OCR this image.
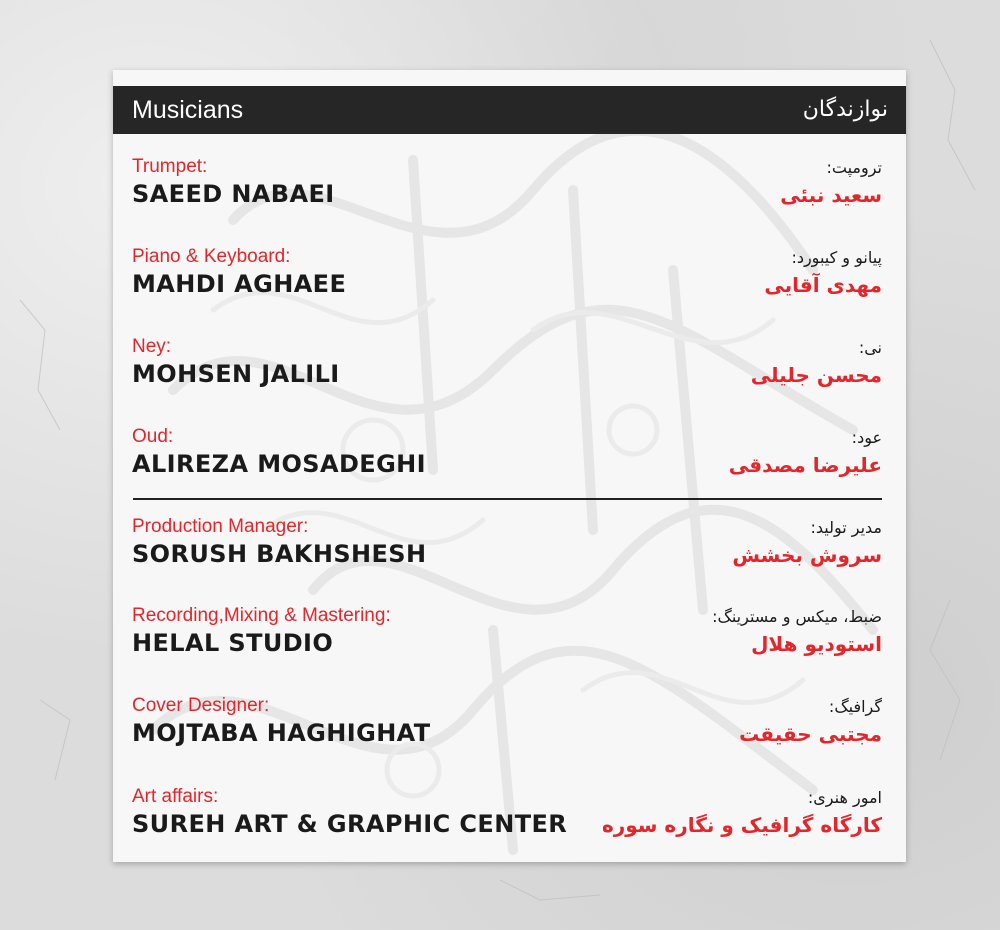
Musicians	نوازندگان
Trumpet:
SAEED NABAEI
ترومپت:
سعید نبئی
Piano & Keyboard:
MAHDI AGHAEE
پیانو و کیبورد:
مهدی آقایی
Ney:
MOHSEN JALILI
نی:
محسن جلیلی
Oud:
ALIREZA MOSADEGHI
عود:
علیرضا مصدقی
Production Manager:
SORUSH BAKHSHESH
مدیر تولید:
سروش بخشش
Recording,Mixing & Mastering:
HELAL STUDIO
ضبط، میکس و مسترینگ:
استودیو هلال
Cover Designer:
MOJTABA HAGHIGHAT
گرافیگ:
مجتبی حقیقت
Art affairs:
SUREH ART & GRAPHIC CENTER
امور هنری:
کارگاه گرافیک و نگاره سوره
